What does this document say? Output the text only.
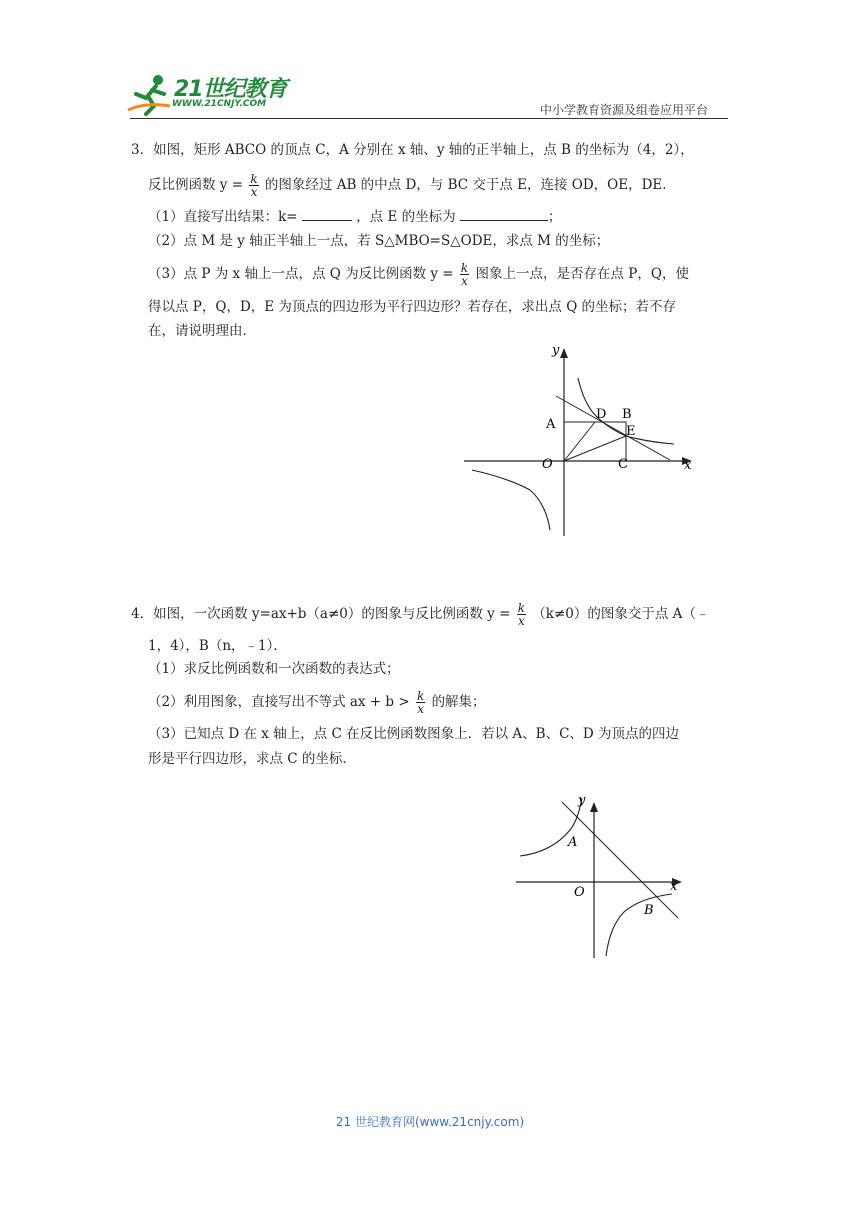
21世纪教育
WWW.21CNJY.COM	中小学教育资源及组卷应用平台
3．如图，矩形 ABCO 的顶点 C，A 分别在 x 轴、y 轴的正半轴上，点 B 的坐标为（4，2），
反比例函数 $y = \frac{k}{x}$ 的图象经过 AB 的中点 D，与 BC 交于点 E，连接 OD，OE，DE．
（1）直接写出结果：k=	，点 E 的坐标为	；
（2）点 M 是 y 轴正半轴上一点，若 S△MBO=S△ODE，求点 M 的坐标；
（3）点 P 为 x 轴上一点，点 Q 为反比例函数 $y = \frac{k}{x}$ 图象上一点，是否存在点 P，Q，使
得以点 P，Q，D，E 为顶点的四边形为平行四边形？若存在，求出点 Q 的坐标；若不存
在，请说明理由．
y
x
A
D B
E
O	C
4．如图，一次函数 y=ax+b（a≠0）的图象与反比例函数 $y = \frac{k}{x} (k\ne 0)$的图象交于点 A（﹣
1，4），B（n，﹣1）．
（1）求反比例函数和一次函数的表达式；
（2）利用图象，直接写出不等式 ax + $b > \frac{k}{x}$ 的解集；
（3）已知点 D 在 x 轴上，点 C 在反比例函数图象上．若以 A、B、C、D 为顶点的四边
形是平行四边形，求点 C 的坐标．
y
x
A
O
B
21 世纪教育网(www.21cnjy.com)
